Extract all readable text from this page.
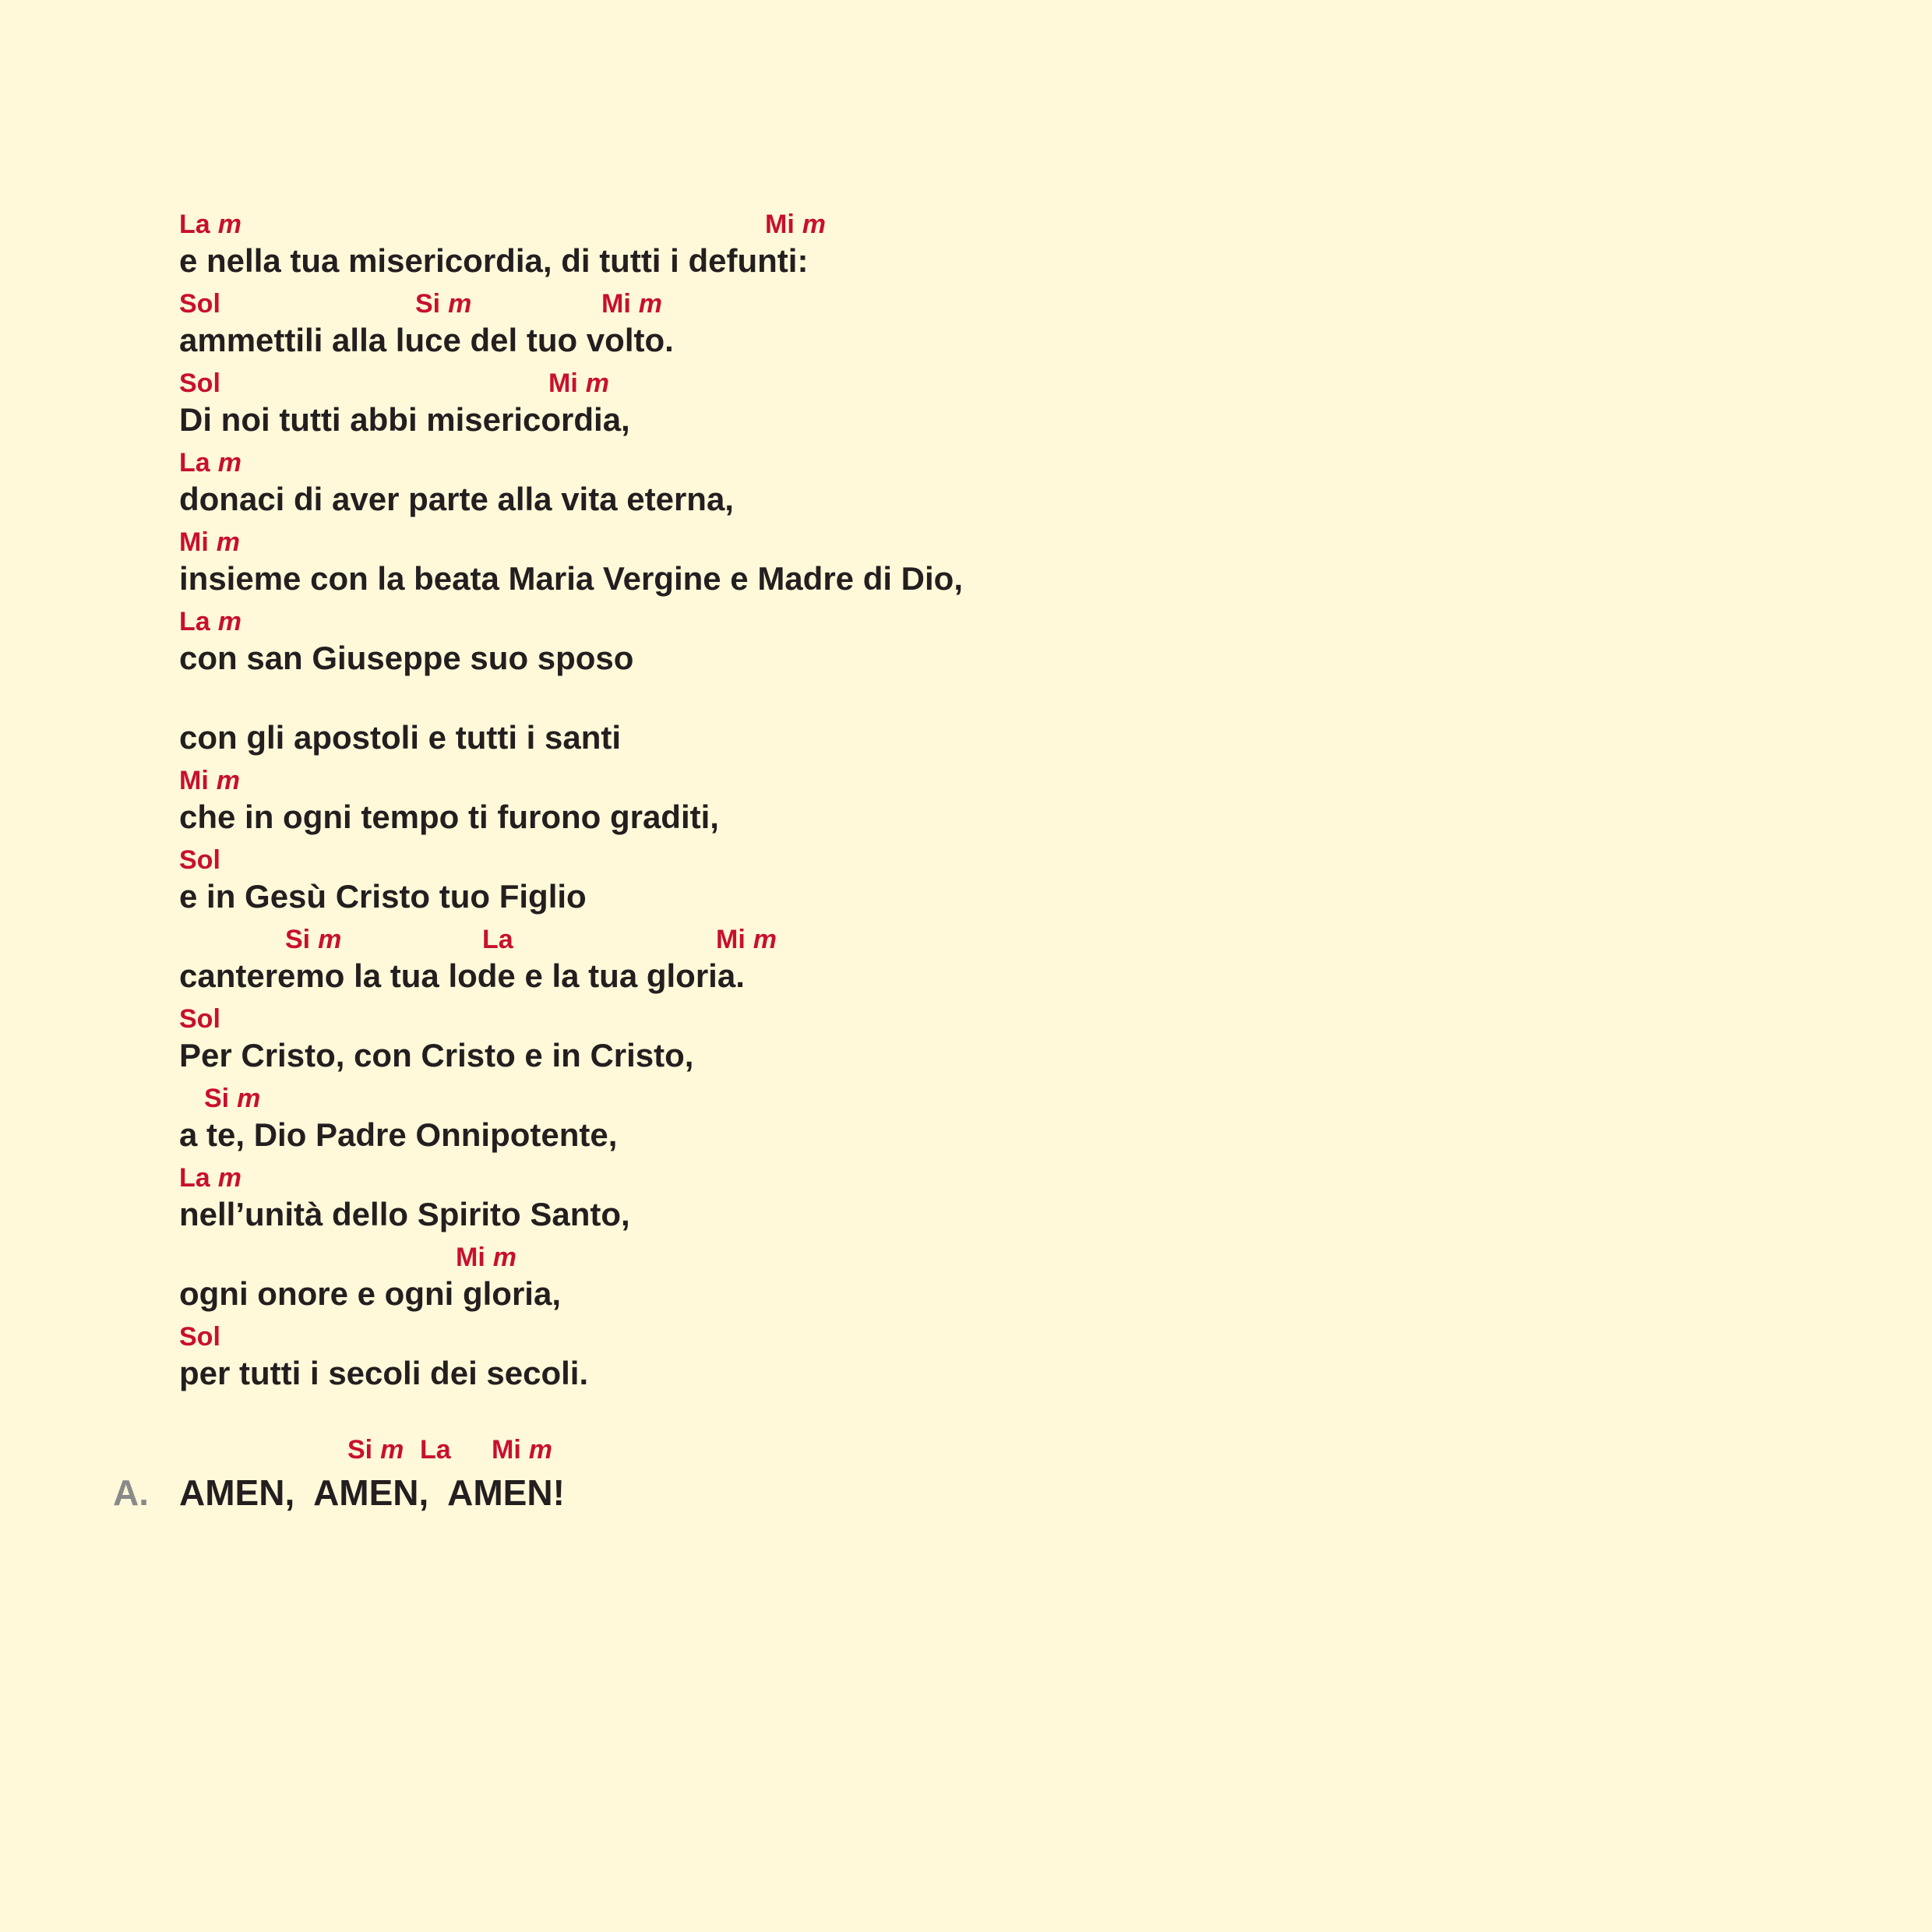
La m	Mi m
e nella tua misericordia, di tutti i defunti:
Sol	Si m	Mi m
ammettili alla luce del tuo volto.
Sol	Mi m
Di noi tutti abbi misericordia,
La m
donaci di aver parte alla vita eterna,
Mi m
insieme con la beata Maria Vergine e Madre di Dio,
La m
con san Giuseppe suo sposo
con gli apostoli e tutti i santi
Mi m
che in ogni tempo ti furono graditi,
Sol
e in Gesù Cristo tuo Figlio
Si m	La	Mi m
canteremo la tua lode e la tua gloria.
Sol
Per Cristo, con Cristo e in Cristo,
Si m
a te, Dio Padre Onnipotente,
La m
nell’unità dello Spirito Santo,
Mi m
ogni onore e ogni gloria,
Sol
per tutti i secoli dei secoli.
A.
Si m La Mi m
AMEN,  AMEN,  AMEN!
